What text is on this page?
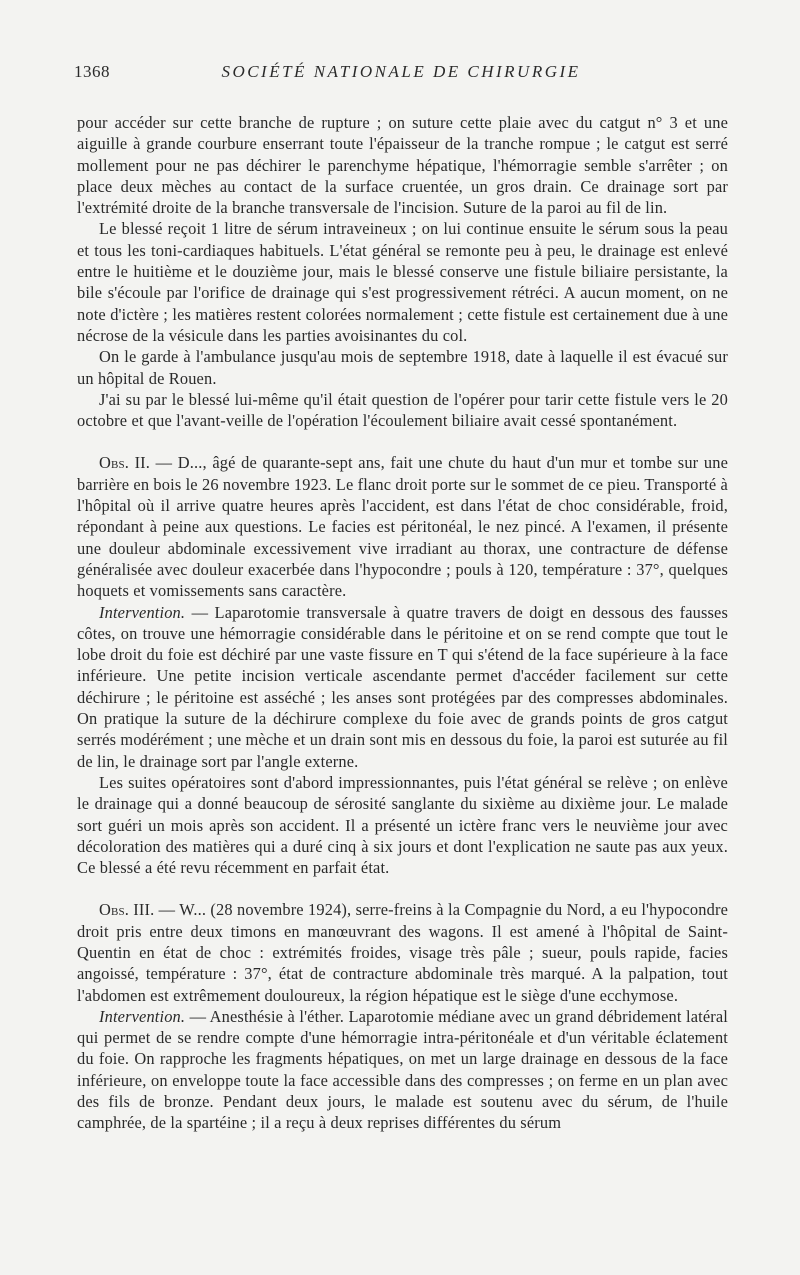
1368	SOCIÉTÉ NATIONALE DE CHIRURGIE

pour accéder sur cette branche de rupture ; on suture cette plaie avec du catgut n° 3 et une aiguille à grande courbure enserrant toute l'épaisseur de la tranche rompue ; le catgut est serré mollement pour ne pas déchirer le parenchyme hépatique, l'hémorragie semble s'arrêter ; on place deux mèches au contact de la surface cruentée, un gros drain. Ce drainage sort par l'extrémité droite de la branche transversale de l'incision. Suture de la paroi au fil de lin.

Le blessé reçoit 1 litre de sérum intraveineux ; on lui continue ensuite le sérum sous la peau et tous les toni-cardiaques habituels. L'état général se remonte peu à peu, le drainage est enlevé entre le huitième et le douzième jour, mais le blessé conserve une fistule biliaire persistante, la bile s'écoule par l'orifice de drainage qui s'est progressivement rétréci. A aucun moment, on ne note d'ictère ; les matières restent colorées normalement ; cette fistule est certainement due à une nécrose de la vésicule dans les parties avoisinantes du col.

On le garde à l'ambulance jusqu'au mois de septembre 1918, date à laquelle il est évacué sur un hôpital de Rouen.

J'ai su par le blessé lui-même qu'il était question de l'opérer pour tarir cette fistule vers le 20 octobre et que l'avant-veille de l'opération l'écoulement biliaire avait cessé spontanément.

Obs. II. — D..., âgé de quarante-sept ans, fait une chute du haut d'un mur et tombe sur une barrière en bois le 26 novembre 1923. Le flanc droit porte sur le sommet de ce pieu. Transporté à l'hôpital où il arrive quatre heures après l'accident, est dans l'état de choc considérable, froid, répondant à peine aux questions. Le facies est péritonéal, le nez pincé. A l'examen, il présente une douleur abdominale excessivement vive irradiant au thorax, une contracture de défense généralisée avec douleur exacerbée dans l'hypocondre ; pouls à 120, température : 37°, quelques hoquets et vomissements sans caractère.

Intervention. — Laparotomie transversale à quatre travers de doigt en dessous des fausses côtes, on trouve une hémorragie considérable dans le péritoine et on se rend compte que tout le lobe droit du foie est déchiré par une vaste fissure en T qui s'étend de la face supérieure à la face inférieure. Une petite incision verticale ascendante permet d'accéder facilement sur cette déchirure ; le péritoine est asséché ; les anses sont protégées par des compresses abdominales. On pratique la suture de la déchirure complexe du foie avec de grands points de gros catgut serrés modérément ; une mèche et un drain sont mis en dessous du foie, la paroi est suturée au fil de lin, le drainage sort par l'angle externe.

Les suites opératoires sont d'abord impressionnantes, puis l'état général se relève ; on enlève le drainage qui a donné beaucoup de sérosité sanglante du sixième au dixième jour. Le malade sort guéri un mois après son accident. Il a présenté un ictère franc vers le neuvième jour avec décoloration des matières qui a duré cinq à six jours et dont l'explication ne saute pas aux yeux. Ce blessé a été revu récemment en parfait état.

Obs. III. — W... (28 novembre 1924), serre-freins à la Compagnie du Nord, a eu l'hypocondre droit pris entre deux timons en manœuvrant des wagons. Il est amené à l'hôpital de Saint-Quentin en état de choc : extrémités froides, visage très pâle ; sueur, pouls rapide, facies angoissé, température : 37°, état de contracture abdominale très marqué. A la palpation, tout l'abdomen est extrêmement douloureux, la région hépatique est le siège d'une ecchymose.

Intervention. — Anesthésie à l'éther. Laparotomie médiane avec un grand débridement latéral qui permet de se rendre compte d'une hémorragie intra-péritonéale et d'un véritable éclatement du foie. On rapproche les fragments hépatiques, on met un large drainage en dessous de la face inférieure, on enveloppe toute la face accessible dans des compresses ; on ferme en un plan avec des fils de bronze. Pendant deux jours, le malade est soutenu avec du sérum, de l'huile camphrée, de la spartéine ; il a reçu à deux reprises différentes du sérum
